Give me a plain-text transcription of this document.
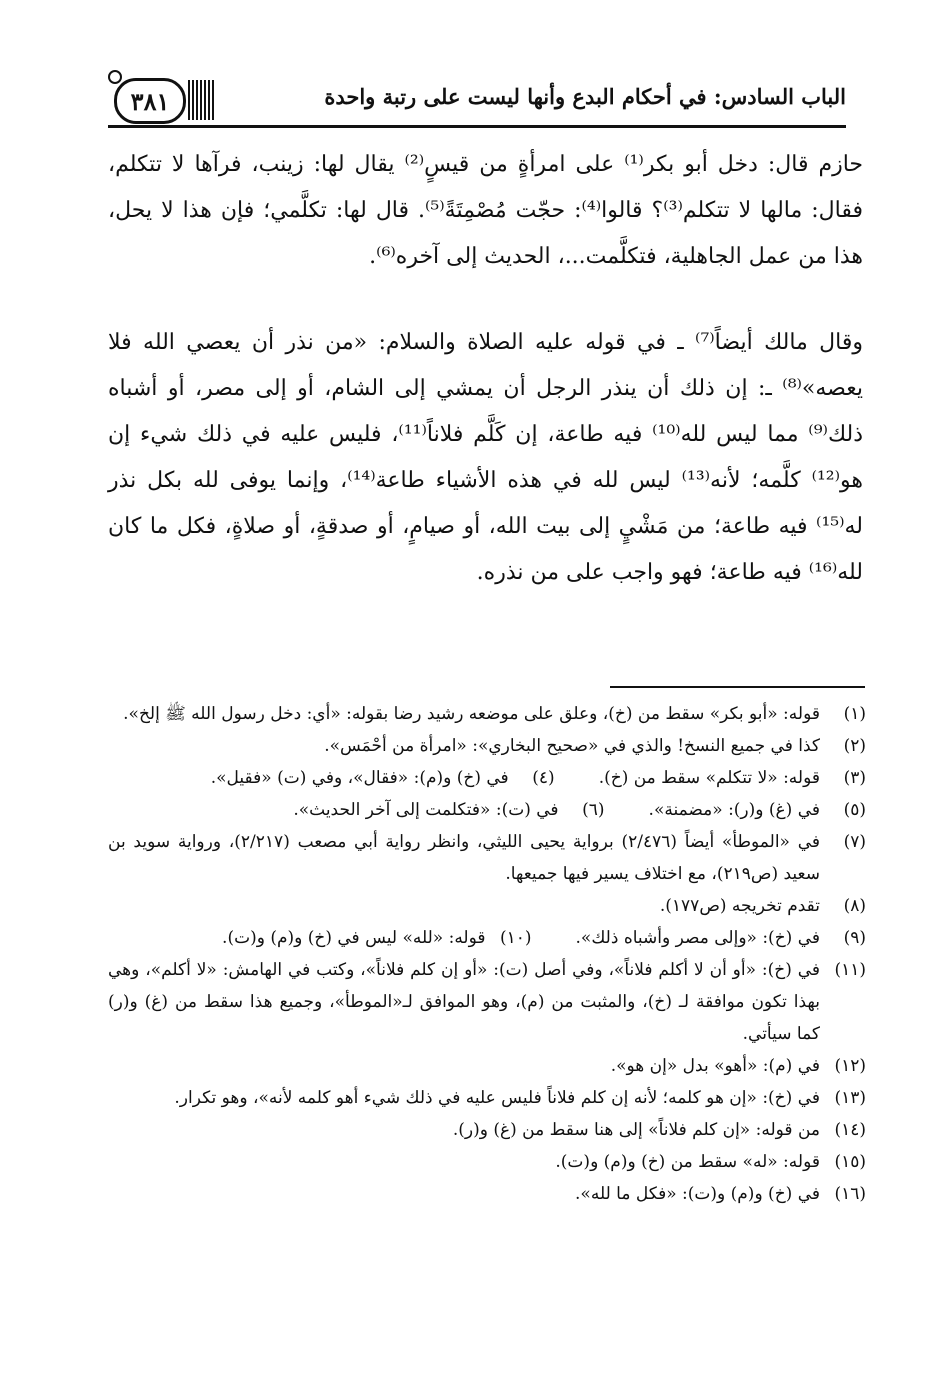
الباب السادس: في أحكام البدع وأنها ليست على رتبة واحدة
٣٨١

حازم قال: دخل أبو بكر⁽¹⁾ على امرأةٍ من قيسٍ⁽²⁾ يقال لها: زينب، فرآها لا تتكلم، فقال: مالها لا تتكلم⁽³⁾؟ قالوا⁽⁴⁾: حجّت مُصْمِتَةً⁽⁵⁾. قال لها: تكلَّمي؛ فإن هذا لا يحل، هذا من عمل الجاهلية، فتكلَّمت...، الحديث إلى آخره⁽⁶⁾.

وقال مالك أيضاً⁽⁷⁾ ـ في قوله عليه الصلاة والسلام: «من نذر أن يعصي الله فلا يعصه»⁽⁸⁾ ـ: إن ذلك أن ينذر الرجل أن يمشي إلى الشام، أو إلى مصر، أو أشباه ذلك⁽⁹⁾ مما ليس لله⁽¹⁰⁾ فيه طاعة، إن كَلَّم فلاناً⁽¹¹⁾، فليس عليه في ذلك شيء إن هو⁽¹²⁾ كلَّمه؛ لأنه⁽¹³⁾ ليس لله في هذه الأشياء طاعة⁽¹⁴⁾، وإنما يوفى لله بكل نذر له⁽¹⁵⁾ فيه طاعة؛ من مَشْيٍ إلى بيت الله، أو صيامٍ، أو صدقةٍ، أو صلاةٍ، فكل ما كان لله⁽¹⁶⁾ فيه طاعة؛ فهو واجب على من نذره.

(١)قوله: «أبو بكر» سقط من (خ)، وعلق على موضعه رشيد رضا بقوله: «أي: دخل رسول الله ﷺ إلخ».

(٢)كذا في جميع النسخ! والذي في «صحيح البخاري»: «امرأة من أحْمَس».

(٣)قوله: «لا تتكلم» سقط من (خ).

(٤)في (خ) و(م): «فقال»، وفي (ت) «فقيل».

(٥)في (غ) و(ر): «مضمنة».

(٦)في (ت): «فتكلمت إلى آخر الحديث».

(٧)في «الموطأ» أيضاً (٢/٤٧٦) برواية يحيى الليثي، وانظر رواية أبي مصعب (٢/٢١٧)، ورواية سويد بن سعيد (ص٢١٩)، مع اختلاف يسير فيها جميعها.

(٨)تقدم تخريجه (ص١٧٧).

(٩)في (خ): «وإلى مصر وأشباه ذلك».

(١٠)قوله: «لله» ليس في (خ) و(م) و(ت).

(١١)في (خ): «أو أن لا أكلم فلاناً»، وفي أصل (ت): «أو إن كلم فلاناً»، وكتب في الهامش: «لا أكلم»، وهي بهذا تكون موافقة لـ (خ)، والمثبت من (م)، وهو الموافق لـ«الموطأ»، وجميع هذا سقط من (غ) و(ر) كما سيأتي.

(١٢)في (م): «أهو» بدل «إن هو».

(١٣)في (خ): «إن هو كلمه؛ لأنه إن كلم فلاناً فليس عليه في ذلك شيء أهو كلمه لأنه»، وهو تكرار.

(١٤)من قوله: «إن كلم فلاناً» إلى هنا سقط من (غ) و(ر).

(١٥)قوله: «له» سقط من (خ) و(م) و(ت).

(١٦)في (خ) و(م) و(ت): «فكل ما لله».
